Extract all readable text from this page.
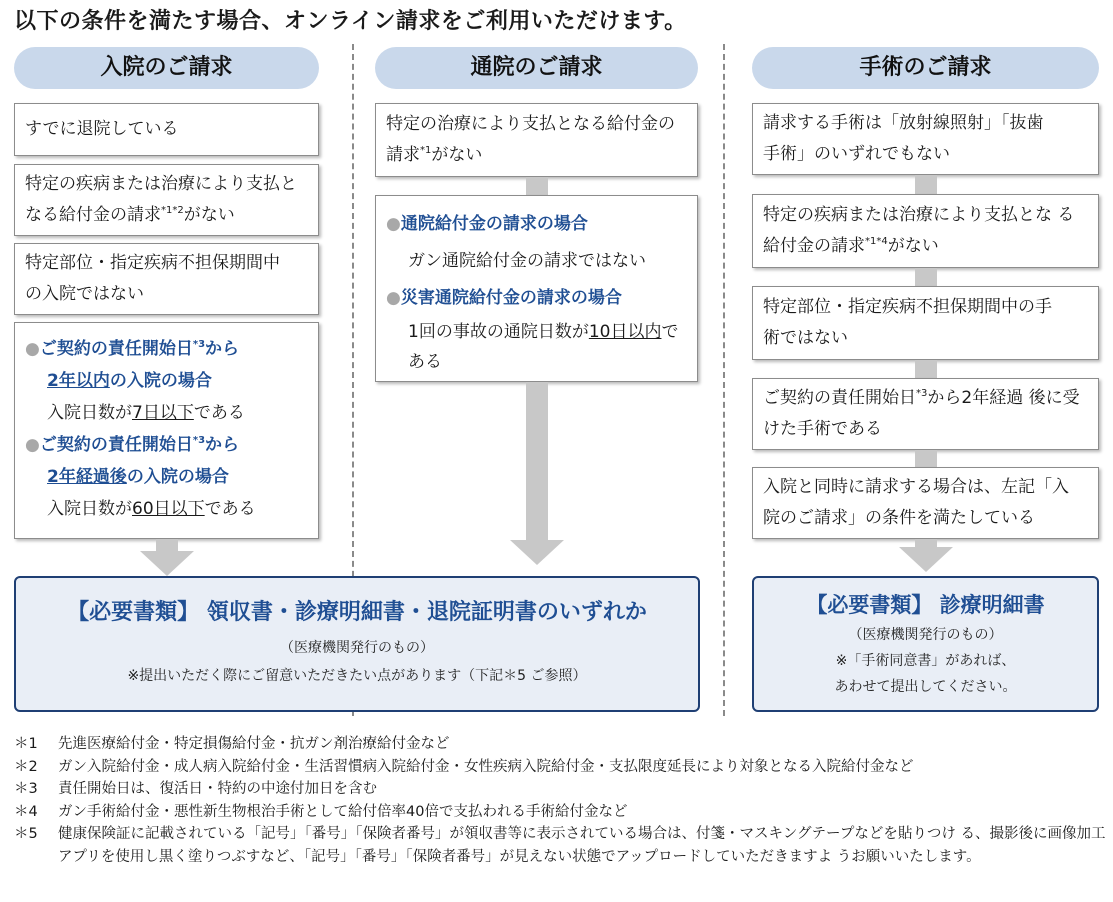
以下の条件を満たす場合、オンライン請求をご利用いただけます。
入院のご請求
すでに退院している
特定の疾病または治療により支払となる給付金の請求$^{*1*2}$がない
特定部位・指定疾病不担保期間中
の入院ではない
●ご契約の責任開始日$^{*3}$から
2年以内の入院の場合
入院日数が7日以下である
●ご契約の責任開始日$^{*3}$から
2年経過後の入院の場合
入院日数が60日以下である
通院のご請求
特定の治療により支払となる給付金の請求$^{*1}$がない
●通院給付金の請求の場合
ガン通院給付金の請求ではない
●災害通院給付金の請求の場合
1回の事故の通院日数が10日以内である
【必要書類】 領収書・診療明細書・退院証明書のいずれか
（医療機関発行のもの）
※提出いただく際にご留意いただきたい点があります（下記＊5 ご参照）
手術のご請求
請求する手術は「放射線照射」「抜歯
手術」のいずれでもない
特定の疾病または治療により支払とな る給付金の請求$^{*1*4}$がない
特定部位・指定疾病不担保期間中の手
術ではない
ご契約の責任開始日$^{*3}$から2年経過 後に受けた手術である
入院と同時に請求する場合は、左記「入
院のご請求」の条件を満たしている
【必要書類】 診療明細書
（医療機関発行のもの）
※「手術同意書」があれば、
あわせて提出してください。
＊1	先進医療給付金・特定損傷給付金・抗ガン剤治療給付金など
＊2	ガン入院給付金・成人病入院給付金・生活習慣病入院給付金・女性疾病入院給付金・支払限度延長により対象となる入院給付金など
＊3	責任開始日は、復活日・特約の中途付加日を含む
＊4	ガン手術給付金・悪性新生物根治手術として給付倍率40倍で支払われる手術給付金など
＊5	健康保険証に記載されている「記号」「番号」「保険者番号」が領収書等に表示されている場合は、付箋・マスキングテープなどを貼りつけ る、撮影後に画像加工アプリを使用し黒く塗りつぶすなど、「記号」「番号」「保険者番号」が見えない状態でアップロードしていただきますよ うお願いいたします。
